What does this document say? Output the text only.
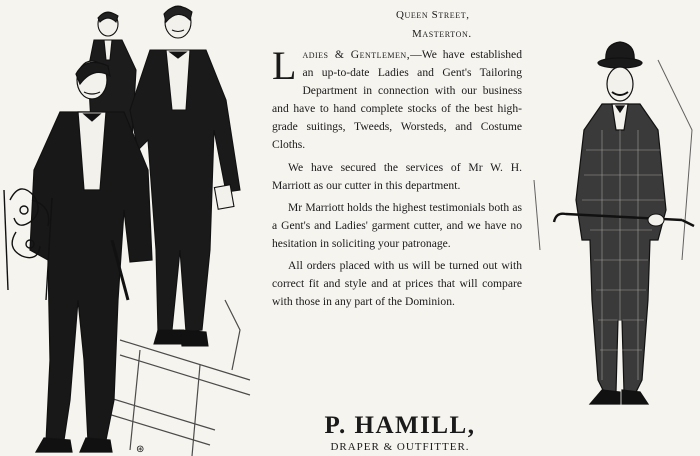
⊛
Queen Street,
Masterton.

Ladies & Gentlemen,—We have established an up-to-date Ladies and Gent's Tailoring Department in connection with our business and have to hand complete stocks of the best high-grade suitings, Tweeds, Worsteds, and Costume Cloths.

We have secured the services of Mr W. H. Marriott as our cutter in this department.

Mr Marriott holds the highest testimonials both as a Gent's and Ladies' garment cutter, and we have no hesitation in soliciting your patronage.

All orders placed with us will be turned out with correct fit and style and at prices that will compare with those in any part of the Dominion.

P. HAMILL,
DRAPER & OUTFITTER.
